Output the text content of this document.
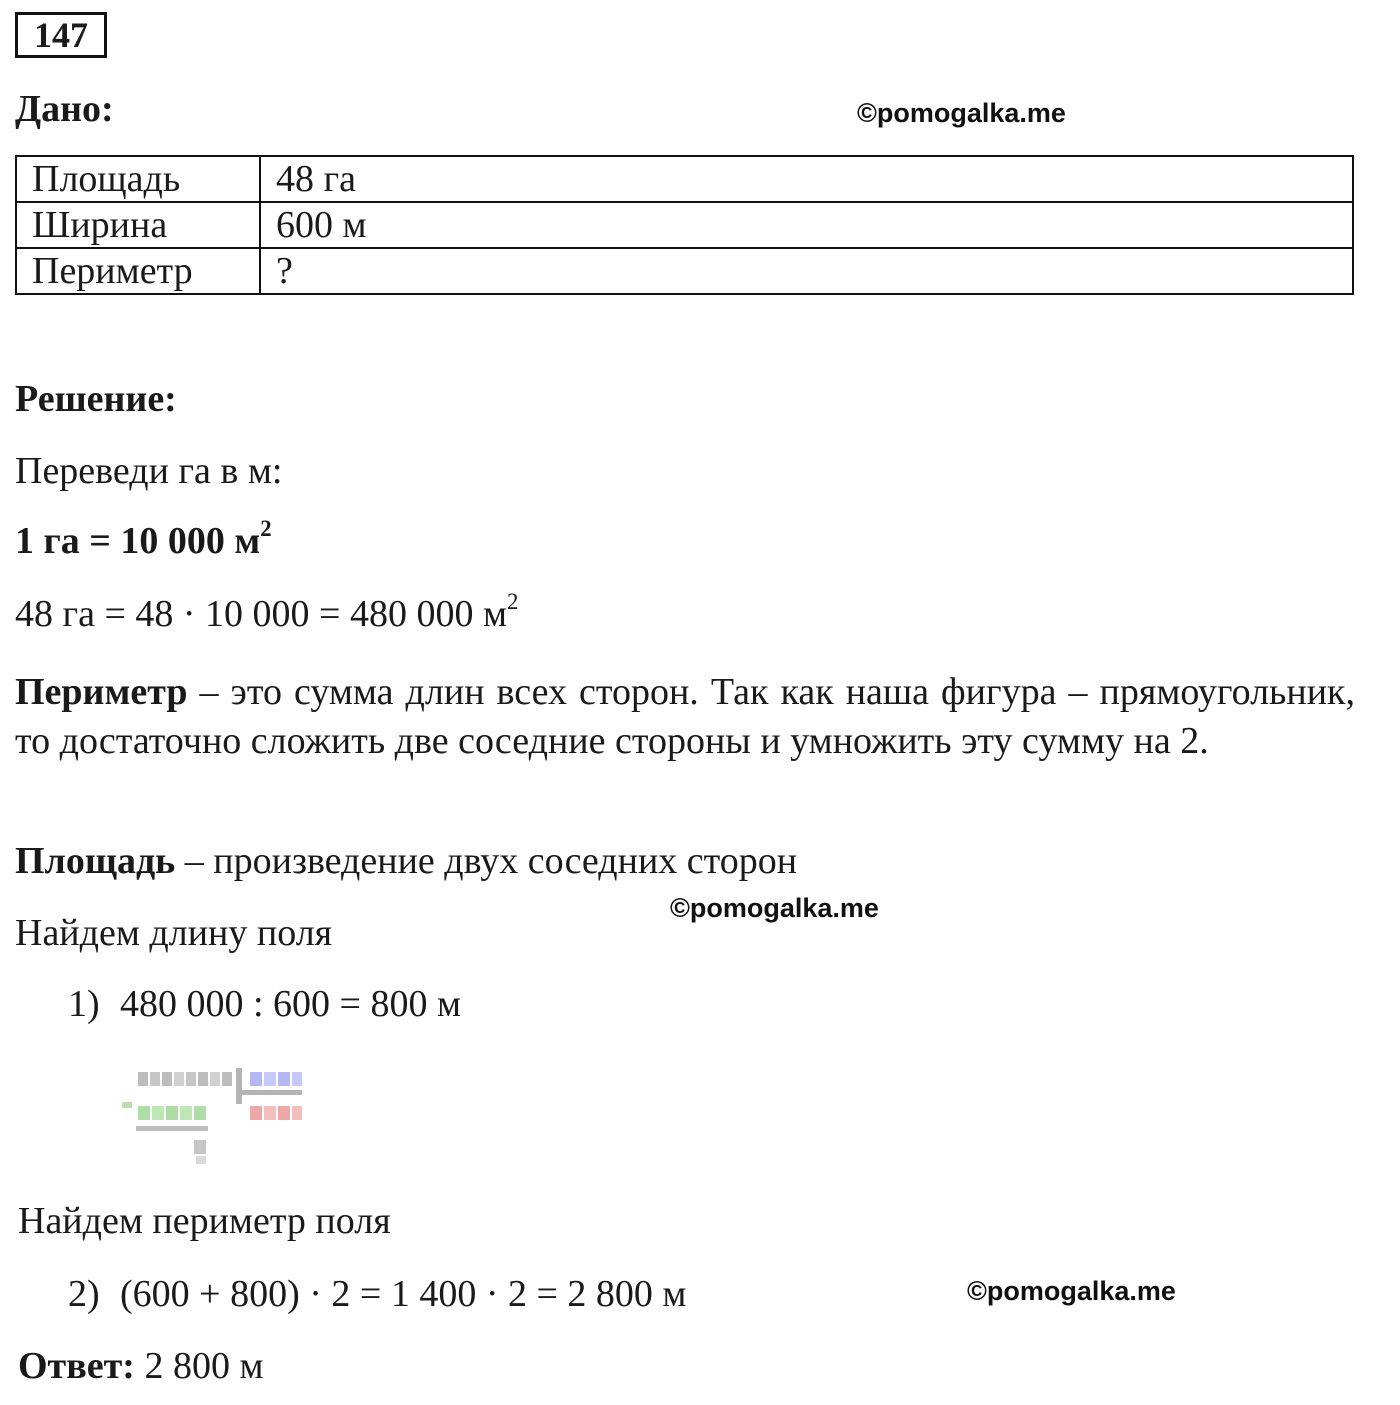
147
Дано:	©pomogalka.me
Площадь	48 га
Ширина	600 м
Периметр	?
Решение:
Переведи га в м:
1 га = 10 000 $м^2$
48 га = 48 · 10 000 = 480 000 $м^2$
Периметр – это сумма длин всех сторон. Так как наша фигура – прямоугольник, то достаточно сложить две соседние стороны и умножить эту сумму на 2.
Площадь – произведение двух соседних сторон
©pomogalka.me
Найдем длину поля
1) 480 000 : 600 = 800 м
Найдем периметр поля
2) (600 + 800) · 2 = 1 400 · 2 = 2 800 м	©pomogalka.me
Ответ: 2 800 м
